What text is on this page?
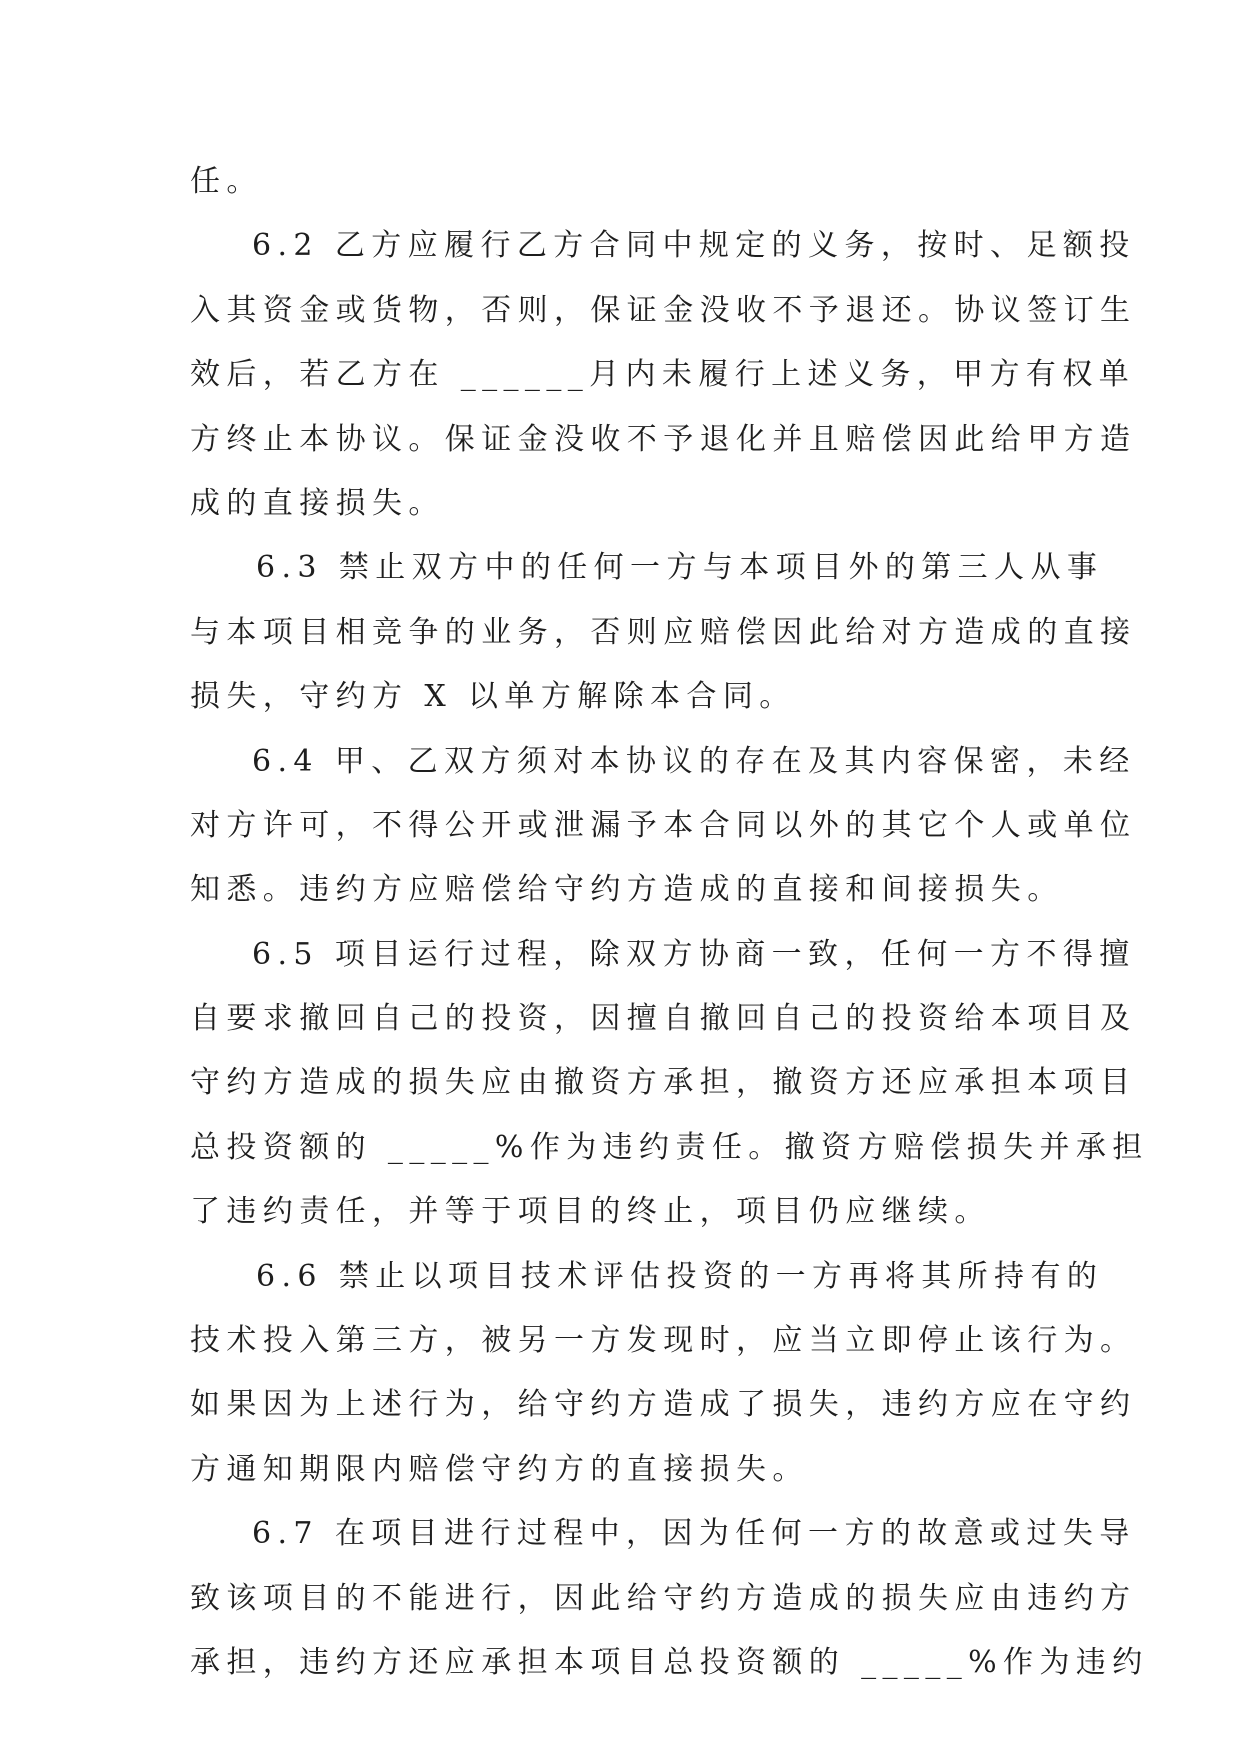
任。
6.2 乙方应履行乙方合同中规定的义务，按时、足额投
入其资金或货物，否则，保证金没收不予退还。协议签订生
效后，若乙方在 ______月内未履行上述义务，甲方有权单
方终止本协议。保证金没收不予退化并且赔偿因此给甲方造
成的直接损失。
6.3 禁止双方中的任何一方与本项目外的第三人从事
与本项目相竞争的业务，否则应赔偿因此给对方造成的直接
损失，守约方 X 以单方解除本合同。
6.4 甲、乙双方须对本协议的存在及其内容保密，未经
对方许可，不得公开或泄漏予本合同以外的其它个人或单位
知悉。违约方应赔偿给守约方造成的直接和间接损失。
6.5 项目运行过程，除双方协商一致，任何一方不得擅
自要求撤回自己的投资，因擅自撤回自己的投资给本项目及
守约方造成的损失应由撤资方承担，撤资方还应承担本项目
总投资额的 _____%作为违约责任。撤资方赔偿损失并承担
了违约责任，并等于项目的终止，项目仍应继续。
6.6 禁止以项目技术评估投资的一方再将其所持有的
技术投入第三方，被另一方发现时，应当立即停止该行为。
如果因为上述行为，给守约方造成了损失，违约方应在守约
方通知期限内赔偿守约方的直接损失。
6.7 在项目进行过程中，因为任何一方的故意或过失导
致该项目的不能进行，因此给守约方造成的损失应由违约方
承担，违约方还应承担本项目总投资额的 _____%作为违约
